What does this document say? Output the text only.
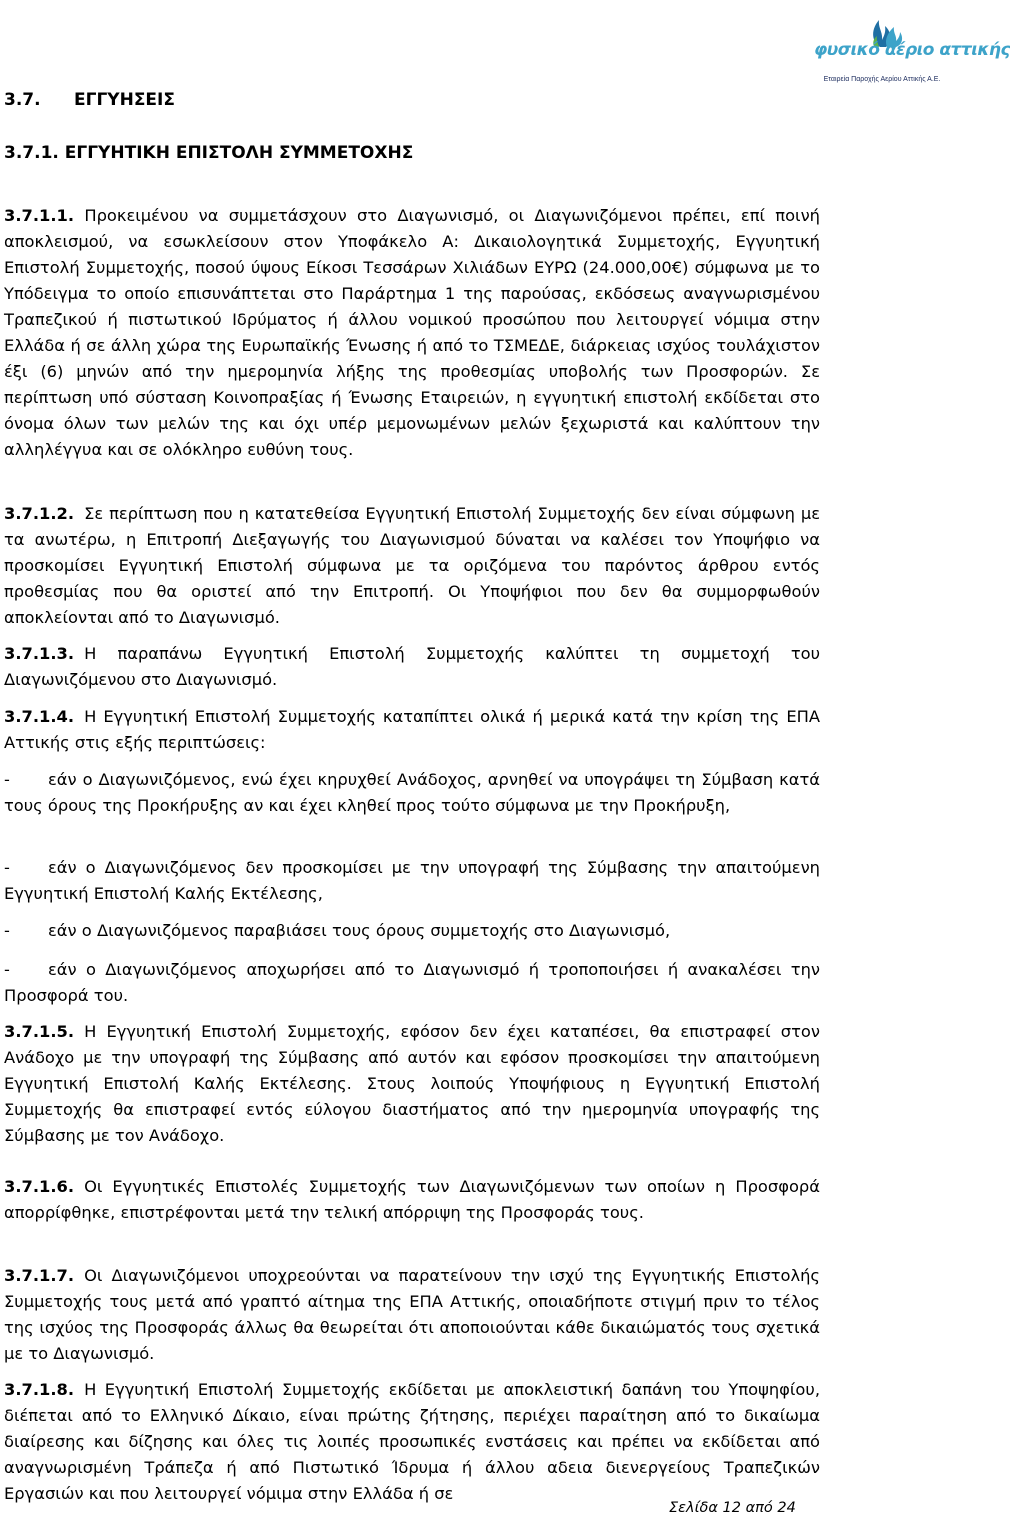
φυσικό αέριο αττικής
Εταιρεία Παροχής Αερίου Αττικής Α.Ε.
3.7. ΕΓΓΥΗΣΕΙΣ
3.7.1. ΕΓΓΥΗΤΙΚΗ ΕΠΙΣΤΟΛΗ ΣΥΜΜΕΤΟΧΗΣ
3.7.1.1. Προκειμένου να συμμετάσχουν στο Διαγωνισμό, οι Διαγωνιζόμενοι πρέπει, επί ποινή αποκλεισμού, να εσωκλείσουν στον Υποφάκελο Α: Δικαιολογητικά Συμμετοχής, Εγγυητική Επιστολή Συμμετοχής, ποσού ύψους Είκοσι Τεσσάρων Χιλιάδων ΕΥΡΩ (24.000,00€) σύμφωνα με το Υπόδειγμα το οποίο επισυνάπτεται στο Παράρτημα 1 της παρούσας, εκδόσεως αναγνωρισμένου Τραπεζικού ή πιστωτικού Ιδρύματος ή άλλου νομικού προσώπου που λειτουργεί νόμιμα στην Ελλάδα ή σε άλλη χώρα της Ευρωπαϊκής Ένωσης ή από το ΤΣΜΕΔΕ, διάρκειας ισχύος τουλάχιστον έξι (6) μηνών από την ημερομηνία λήξης της προθεσμίας υποβολής των Προσφορών. Σε περίπτωση υπό σύσταση Κοινοπραξίας ή Ένωσης Εταιρειών, η εγγυητική επιστολή εκδίδεται στο όνομα όλων των μελών της και όχι υπέρ μεμονωμένων μελών ξεχωριστά και καλύπτουν την αλληλέγγυα και σε ολόκληρο ευθύνη τους.
3.7.1.2. Σε περίπτωση που η κατατεθείσα Εγγυητική Επιστολή Συμμετοχής δεν είναι σύμφωνη με τα ανωτέρω, η Επιτροπή Διεξαγωγής του Διαγωνισμού δύναται να καλέσει τον Υποψήφιο να προσκομίσει Εγγυητική Επιστολή σύμφωνα με τα οριζόμενα του παρόντος άρθρου εντός προθεσμίας που θα οριστεί από την Επιτροπή. Οι Υποψήφιοι που δεν θα συμμορφωθούν αποκλείονται από το Διαγωνισμό.
3.7.1.3. Η παραπάνω Εγγυητική Επιστολή Συμμετοχής καλύπτει τη συμμετοχή του Διαγωνιζόμενου στο Διαγωνισμό.
3.7.1.4. Η Εγγυητική Επιστολή Συμμετοχής καταπίπτει ολικά ή μερικά κατά την κρίση της ΕΠΑ Αττικής στις εξής περιπτώσεις:
- εάν ο Διαγωνιζόμενος, ενώ έχει κηρυχθεί Ανάδοχος, αρνηθεί να υπογράψει τη Σύμβαση κατά τους όρους της Προκήρυξης αν και έχει κληθεί προς τούτο σύμφωνα με την Προκήρυξη,
- εάν ο Διαγωνιζόμενος δεν προσκομίσει με την υπογραφή της Σύμβασης την απαιτούμενη Εγγυητική Επιστολή Καλής Εκτέλεσης,
- εάν ο Διαγωνιζόμενος παραβιάσει τους όρους συμμετοχής στο Διαγωνισμό,
- εάν ο Διαγωνιζόμενος αποχωρήσει από το Διαγωνισμό ή τροποποιήσει ή ανακαλέσει την Προσφορά του.
3.7.1.5. Η Εγγυητική Επιστολή Συμμετοχής, εφόσον δεν έχει καταπέσει, θα επιστραφεί στον Ανάδοχο με την υπογραφή της Σύμβασης από αυτόν και εφόσον προσκομίσει την απαιτούμενη Εγγυητική Επιστολή Καλής Εκτέλεσης. Στους λοιπούς Υποψήφιους η Εγγυητική Επιστολή Συμμετοχής θα επιστραφεί εντός εύλογου διαστήματος από την ημερομηνία υπογραφής της Σύμβασης με τον Ανάδοχο.
3.7.1.6. Οι Εγγυητικές Επιστολές Συμμετοχής των Διαγωνιζόμενων των οποίων η Προσφορά απορρίφθηκε, επιστρέφονται μετά την τελική απόρριψη της Προσφοράς τους.
3.7.1.7. Οι Διαγωνιζόμενοι υποχρεούνται να παρατείνουν την ισχύ της Εγγυητικής Επιστολής Συμμετοχής τους μετά από γραπτό αίτημα της ΕΠΑ Αττικής, οποιαδήποτε στιγμή πριν το τέλος της ισχύος της Προσφοράς άλλως θα θεωρείται ότι αποποιούνται κάθε δικαιώματός τους σχετικά με το Διαγωνισμό.
3.7.1.8. Η Εγγυητική Επιστολή Συμμετοχής εκδίδεται με αποκλειστική δαπάνη του Υποψηφίου, διέπεται από το Ελληνικό Δίκαιο, είναι πρώτης ζήτησης, περιέχει παραίτηση από το δικαίωμα διαίρεσης και δίζησης και όλες τις λοιπές προσωπικές ενστάσεις και πρέπει να εκδίδεται από αναγνωρισμένη Τράπεζα ή από Πιστωτικό Ίδρυμα ή άλλου αδεια διενεργείους Τραπεζικών Εργασιών και που λειτουργεί νόμιμα στην Ελλάδα ή σε
Σελίδα 12 από 24
